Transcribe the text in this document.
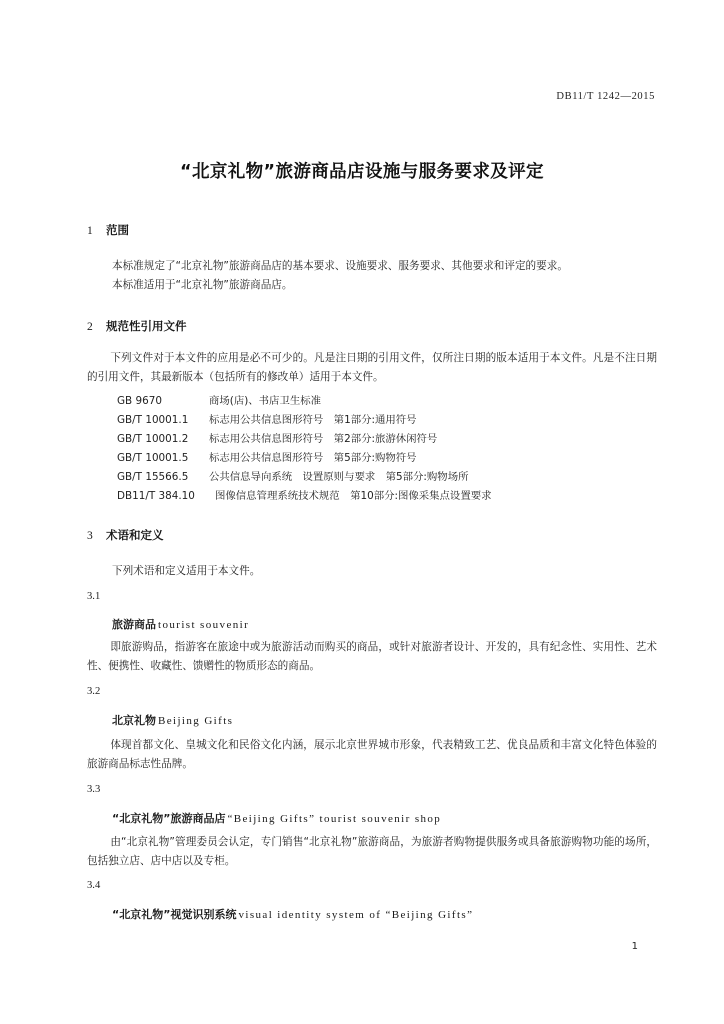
DB11/T 1242—2015
“北京礼物”旅游商品店设施与服务要求及评定
1 范围
本标准规定了“北京礼物”旅游商品店的基本要求、设施要求、服务要求、其他要求和评定的要求。
本标准适用于“北京礼物”旅游商品店。
2 规范性引用文件
下列文件对于本文件的应用是必不可少的。凡是注日期的引用文件，仅所注日期的版本适用于本文件。凡是不注日期的引用文件，其最新版本（包括所有的修改单）适用于本文件。
GB 9670	商场(店)、书店卫生标准
GB/T 10001.1 标志用公共信息图形符号　第1部分:通用符号
GB/T 10001.2 标志用公共信息图形符号　第2部分:旅游休闲符号
GB/T 10001.5 标志用公共信息图形符号　第5部分:购物符号
GB/T 15566.5 公共信息导向系统　设置原则与要求　第5部分:购物场所
DB11/T 384.10 图像信息管理系统技术规范　第10部分:图像采集点设置要求
3 术语和定义
下列术语和定义适用于本文件。
3.1
旅游商品 tourist souvenir
即旅游购品，指游客在旅途中或为旅游活动而购买的商品，或针对旅游者设计、开发的，具有纪念性、实用性、艺术性、便携性、收藏性、馈赠性的物质形态的商品。
3.2
北京礼物 Beijing Gifts
体现首都文化、皇城文化和民俗文化内涵，展示北京世界城市形象，代表精致工艺、优良品质和丰富文化特色体验的旅游商品标志性品牌。
3.3
“北京礼物”旅游商品店 “Beijing Gifts” tourist souvenir shop
由“北京礼物”管理委员会认定，专门销售“北京礼物”旅游商品，为旅游者购物提供服务或具备旅游购物功能的场所，包括独立店、店中店以及专柜。
3.4
“北京礼物”视觉识别系统 visual identity system of “Beijing Gifts”
1
